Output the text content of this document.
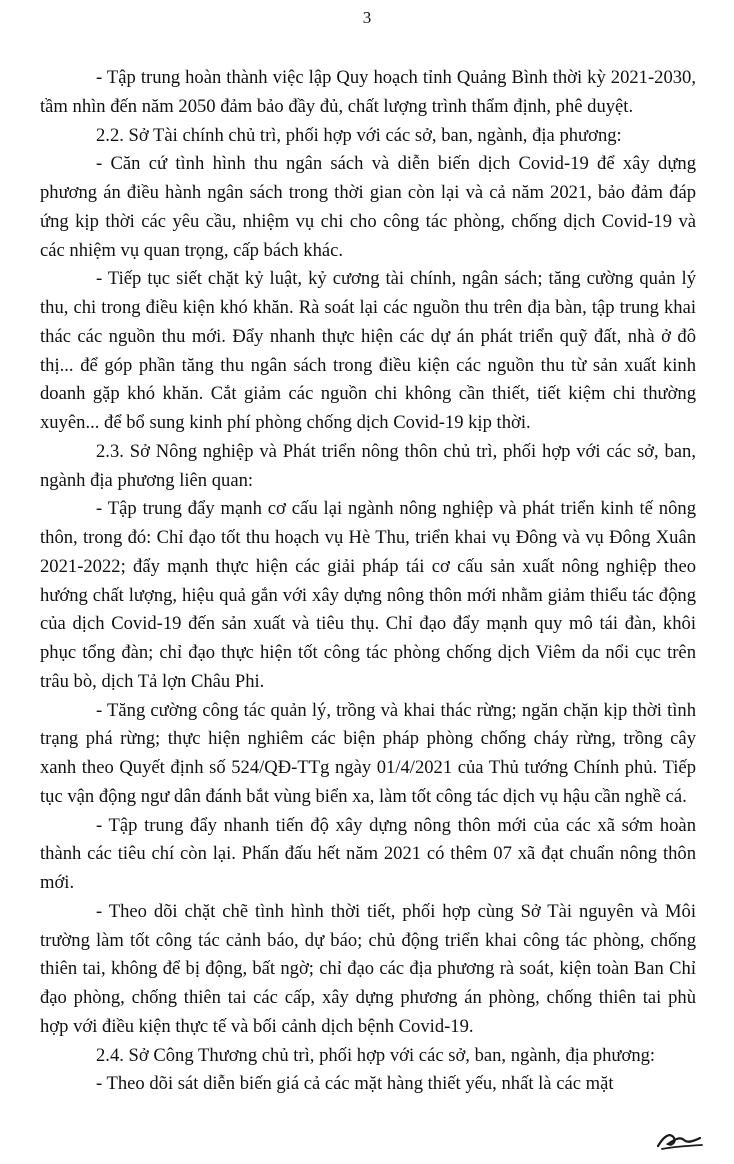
3

- Tập trung hoàn thành việc lập Quy hoạch tỉnh Quảng Bình thời kỳ 2021-2030, tầm nhìn đến năm 2050 đảm bảo đầy đủ, chất lượng trình thẩm định, phê duyệt.

2.2. Sở Tài chính chủ trì, phối hợp với các sở, ban, ngành, địa phương:

- Căn cứ tình hình thu ngân sách và diễn biến dịch Covid-19 để xây dựng phương án điều hành ngân sách trong thời gian còn lại và cả năm 2021, bảo đảm đáp ứng kịp thời các yêu cầu, nhiệm vụ chi cho công tác phòng, chống dịch Covid-19 và các nhiệm vụ quan trọng, cấp bách khác.

- Tiếp tục siết chặt kỷ luật, kỷ cương tài chính, ngân sách; tăng cường quản lý thu, chi trong điều kiện khó khăn. Rà soát lại các nguồn thu trên địa bàn, tập trung khai thác các nguồn thu mới. Đẩy nhanh thực hiện các dự án phát triển quỹ đất, nhà ở đô thị... để góp phần tăng thu ngân sách trong điều kiện các nguồn thu từ sản xuất kinh doanh gặp khó khăn. Cắt giảm các nguồn chi không cần thiết, tiết kiệm chi thường xuyên... để bổ sung kinh phí phòng chống dịch Covid-19 kịp thời.

2.3. Sở Nông nghiệp và Phát triển nông thôn chủ trì, phối hợp với các sở, ban, ngành địa phương liên quan:

- Tập trung đẩy mạnh cơ cấu lại ngành nông nghiệp và phát triển kinh tế nông thôn, trong đó: Chỉ đạo tốt thu hoạch vụ Hè Thu, triển khai vụ Đông và vụ Đông Xuân 2021-2022; đẩy mạnh thực hiện các giải pháp tái cơ cấu sản xuất nông nghiệp theo hướng chất lượng, hiệu quả gắn với xây dựng nông thôn mới nhằm giảm thiểu tác động của dịch Covid-19 đến sản xuất và tiêu thụ. Chỉ đạo đẩy mạnh quy mô tái đàn, khôi phục tổng đàn; chỉ đạo thực hiện tốt công tác phòng chống dịch Viêm da nổi cục trên trâu bò, dịch Tả lợn Châu Phi.

- Tăng cường công tác quản lý, trồng và khai thác rừng; ngăn chặn kịp thời tình trạng phá rừng; thực hiện nghiêm các biện pháp phòng chống cháy rừng, trồng cây xanh theo Quyết định số 524/QĐ-TTg ngày 01/4/2021 của Thủ tướng Chính phủ. Tiếp tục vận động ngư dân đánh bắt vùng biển xa, làm tốt công tác dịch vụ hậu cần nghề cá.

- Tập trung đẩy nhanh tiến độ xây dựng nông thôn mới của các xã sớm hoàn thành các tiêu chí còn lại. Phấn đấu hết năm 2021 có thêm 07 xã đạt chuẩn nông thôn mới.

- Theo dõi chặt chẽ tình hình thời tiết, phối hợp cùng Sở Tài nguyên và Môi trường làm tốt công tác cảnh báo, dự báo; chủ động triển khai công tác phòng, chống thiên tai, không để bị động, bất ngờ; chỉ đạo các địa phương rà soát, kiện toàn Ban Chỉ đạo phòng, chống thiên tai các cấp, xây dựng phương án phòng, chống thiên tai phù hợp với điều kiện thực tế và bối cảnh dịch bệnh Covid-19.

2.4. Sở Công Thương chủ trì, phối hợp với các sở, ban, ngành, địa phương:

- Theo dõi sát diễn biến giá cả các mặt hàng thiết yếu, nhất là các mặt
